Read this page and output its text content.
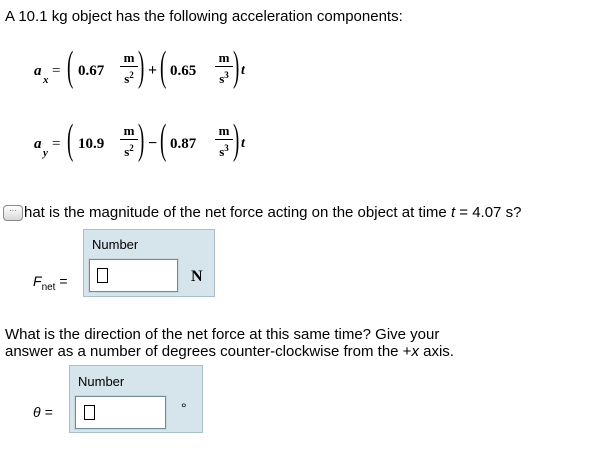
A 10.1 kg object has the following acceleration components:
a
x
= ( $0.67 \frac{m}{s^2}$ ) + ( $0.65 \frac{m}{s^3}$ ) t
a
y
= ( $10.9 \frac{m}{s^2}$ ) − ( $0.87 \frac{m}{s^3}$ ) t
··· hat is the magnitude of the net force acting on the object at time t = 4.07 s?
Number
N
$F_{net}$ =
What is the direction of the net force at this same time? Give your
answer as a number of degrees counter-clockwise from the +x axis.
Number
°
θ =
